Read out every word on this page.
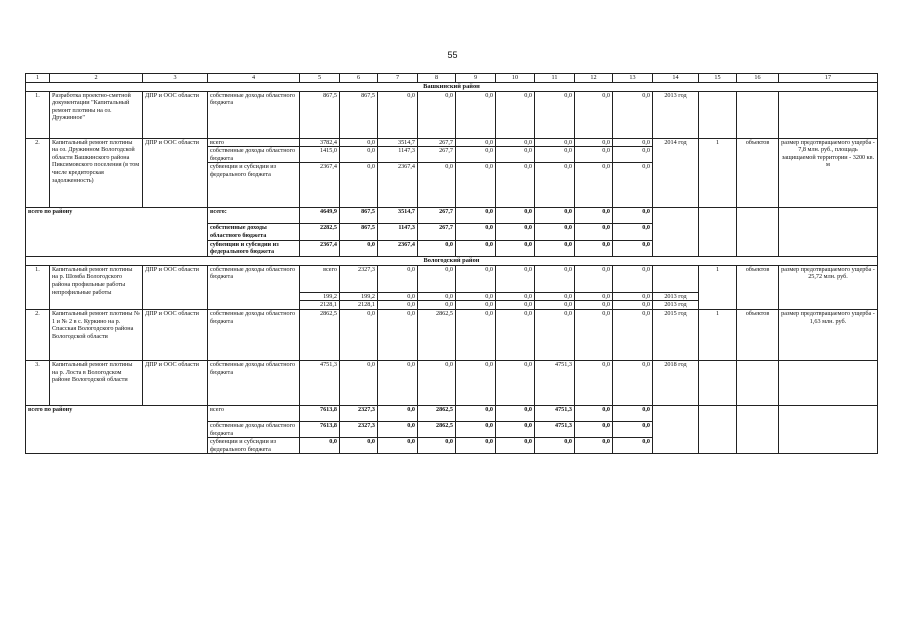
55
1	2	3	4	5	6	7	8	9	10	11	12	13	14	15	16	17
Вашкинский район																
1.	Разработка проектно-сметной документации "Капитальный ремонт плотины на оз. Дружинное"	ДПР и ООС области	собственные доходы областного бюджета	867,5	867,5	0,0	0,0	0,0	0,0	0,0	0,0	0,0	2013 год			
2.	Капитальный ремонт плотины на оз. Дружинном Вологодской области Вашкинского района Пиксимовского поселения (в том числе кредиторская задолженность)	ДПР и ООС области	всего	3782,4	0,0	3514,7	267,7	0,0	0,0	0,0	0,0	0,0	2014 год	1	объектов	размер предотвращаемого ущерба - 7,8 млн. руб., площадь защищаемой территории - 3200 кв. м
			собственные доходы областного бюджета	1415,0	0,0	1147,3	267,7	0,0	0,0	0,0	0,0	0,0				
			субвенции и субсидии из федерального бюджета	2367,4	0,0	2367,4	0,0	0,0	0,0	0,0	0,0	0,0				
всего по району			всего:	4649,9	867,5	3514,7	267,7	0,0	0,0	0,0	0,0	0,0				
			собственные доходы областного бюджета	2282,5	867,5	1147,3	267,7	0,0	0,0	0,0	0,0	0,0				
			субвенции и субсидии из федерального бюджета	2367,4	0,0	2367,4	0,0	0,0	0,0	0,0	0,0	0,0				
Вологодский район																
1.	Капитальный ремонт плотины на р. Шомба Вологодского района профильные работы непрофильные работы	ДПР и ООС области	собственные доходы областного бюджета	всего	2327,3	0,0	0,0	0,0	0,0	0,0	0,0	0,0		1	объектов	размер предотвращаемого ущерба - 25,72 млн. руб.
				199,2	199,2	0,0	0,0	0,0	0,0	0,0	0,0	0,0	2013 год			
				2128,1	2128,1	0,0	0,0	0,0	0,0	0,0	0,0	0,0	2013 год			
2.	Капитальный ремонт плотины № 1 и № 2 в с. Куркино на р. Спасская Вологодского района Вологодской области	ДПР и ООС области	собственные доходы областного бюджета	2862,5	0,0	0,0	2862,5	0,0	0,0	0,0	0,0	0,0	2015 год	1	объектов	размер предотвращаемого ущерба - 1,63 млн. руб.
3.	Капитальный ремонт плотины на р. Лоста в Вологодском районе Вологодской области	ДПР и ООС области	собственные доходы областного бюджета	4751,3	0,0	0,0	0,0	0,0	0,0	4751,3	0,0	0,0	2018 год			
всего по району			всего	7613,8	2327,3	0,0	2862,5	0,0	0,0	4751,3	0,0	0,0				
			собственные доходы областного бюджета	7613,8	2327,3	0,0	2862,5	0,0	0,0	4751,3	0,0	0,0				
			субвенции и субсидии из федерального бюджета	0,0	0,0	0,0	0,0	0,0	0,0	0,0	0,0	0,0				
